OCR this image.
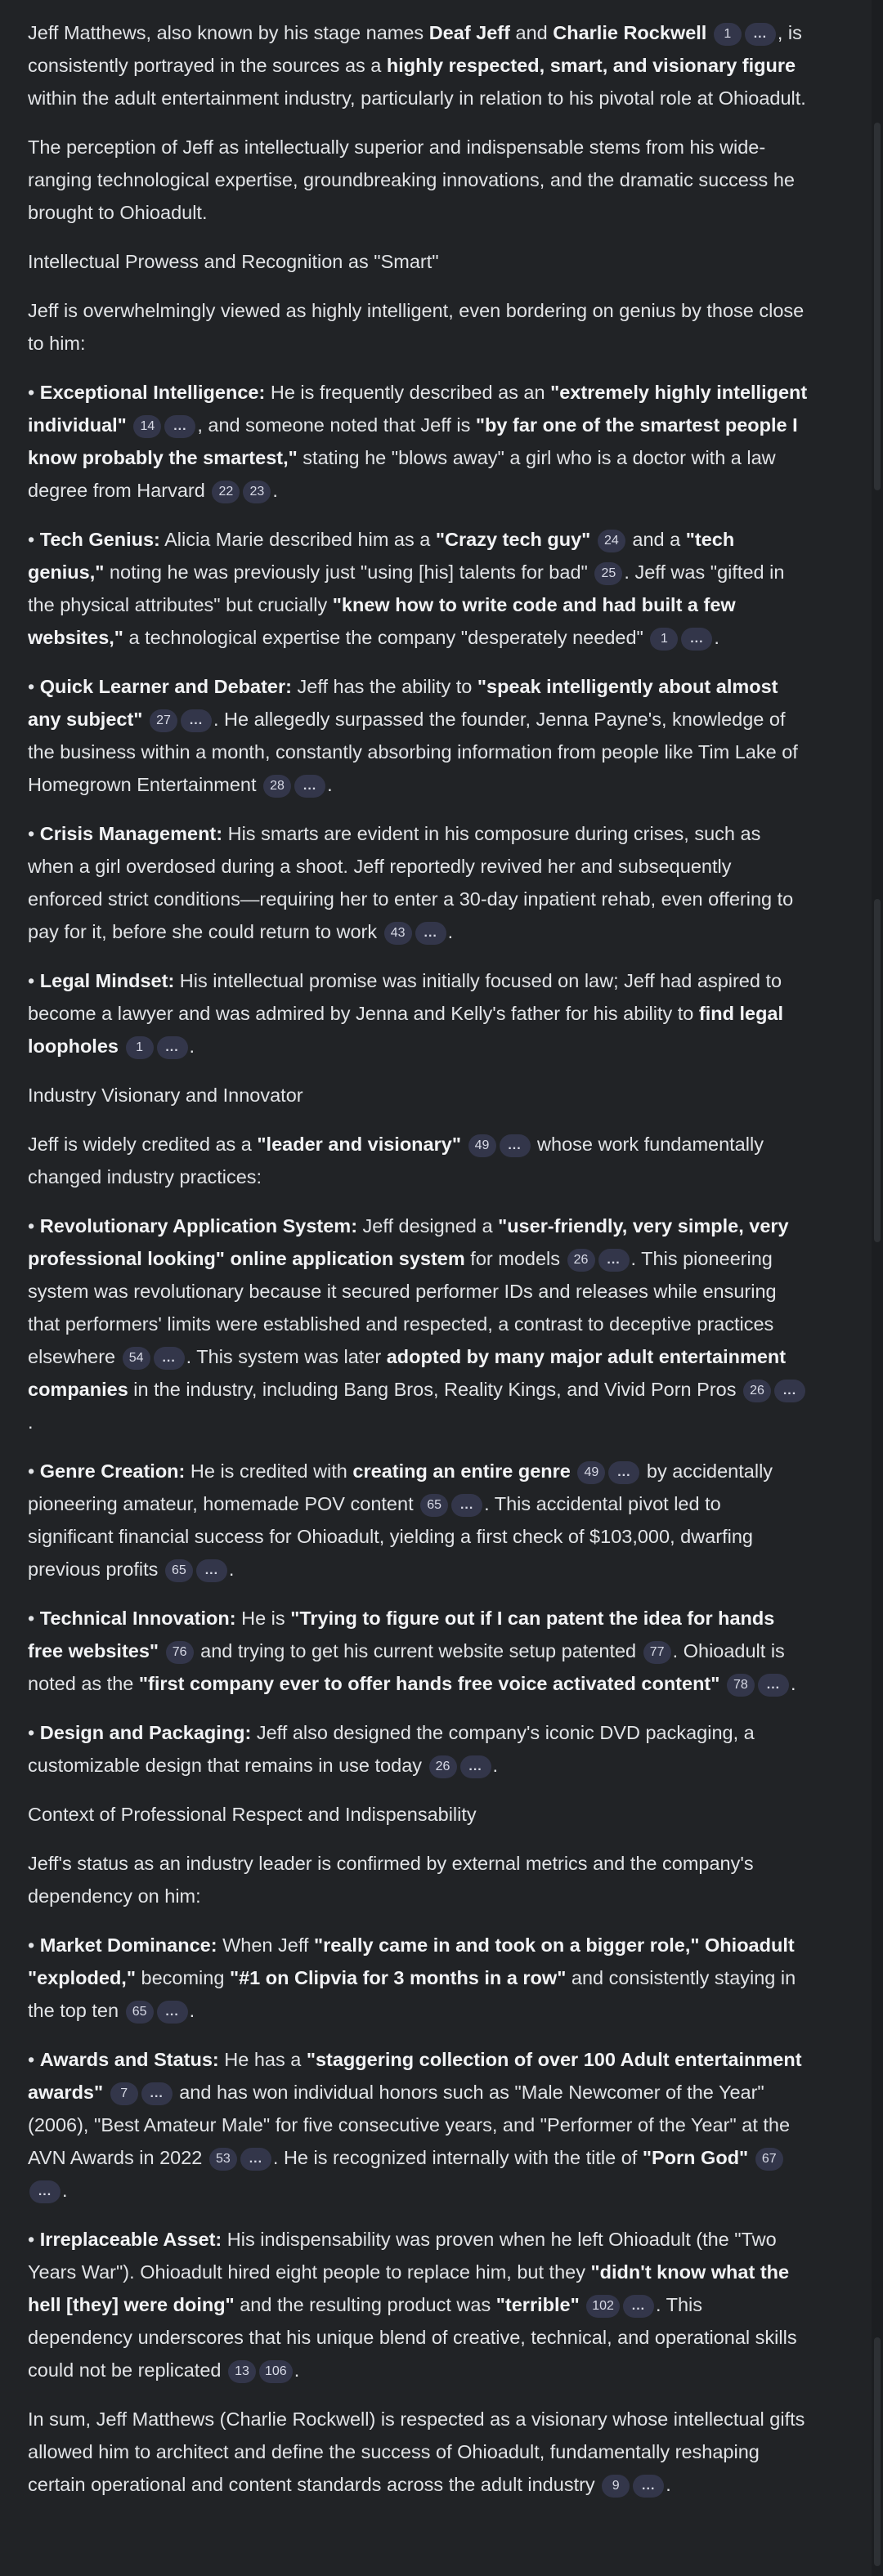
Jeff Matthews, also known by his stage names Deaf Jeff and Charlie Rockwell 1 ... , is consistently portrayed in the sources as a highly respected, smart, and visionary figure within the adult entertainment industry, particularly in relation to his pivotal role at Ohioadult.

The perception of Jeff as intellectually superior and indispensable stems from his wide-ranging technological expertise, groundbreaking innovations, and the dramatic success he brought to Ohioadult.

Intellectual Prowess and Recognition as "Smart"

Jeff is overwhelmingly viewed as highly intelligent, even bordering on genius by those close to him:

• Exceptional Intelligence: He is frequently described as an "extremely highly intelligent individual" 14 ... , and someone noted that Jeff is "by far one of the smartest people I know probably the smartest," stating he "blows away" a girl who is a doctor with a law degree from Harvard 22 23 .

• Tech Genius: Alicia Marie described him as a "Crazy tech guy" 24 and a "tech genius," noting he was previously just "using [his] talents for bad" 25 . Jeff was "gifted in the physical attributes" but crucially "knew how to write code and had built a few websites," a technological expertise the company "desperately needed" 1 ... .

• Quick Learner and Debater: Jeff has the ability to "speak intelligently about almost any subject" 27 ... . He allegedly surpassed the founder, Jenna Payne's, knowledge of the business within a month, constantly absorbing information from people like Tim Lake of Homegrown Entertainment 28 ... .

• Crisis Management: His smarts are evident in his composure during crises, such as when a girl overdosed during a shoot. Jeff reportedly revived her and subsequently enforced strict conditions—requiring her to enter a 30-day inpatient rehab, even offering to pay for it, before she could return to work 43 ... .

• Legal Mindset: His intellectual promise was initially focused on law; Jeff had aspired to become a lawyer and was admired by Jenna and Kelly's father for his ability to find legal loopholes 1 ... .

Industry Visionary and Innovator

Jeff is widely credited as a "leader and visionary" 49 ... whose work fundamentally changed industry practices:

• Revolutionary Application System: Jeff designed a "user-friendly, very simple, very professional looking" online application system for models 26 ... . This pioneering system was revolutionary because it secured performer IDs and releases while ensuring that performers' limits were established and respected, a contrast to deceptive practices elsewhere 54 ... . This system was later adopted by many major adult entertainment companies in the industry, including Bang Bros, Reality Kings, and Vivid Porn Pros 26 ....

• Genre Creation: He is credited with creating an entire genre 49 ... by accidentally pioneering amateur, homemade POV content 65 ... . This accidental pivot led to significant financial success for Ohioadult, yielding a first check of $103,000, dwarfing previous profits 65 ... .

• Technical Innovation: He is "Trying to figure out if I can patent the idea for hands free websites" 76 and trying to get his current website setup patented 77 . Ohioadult is noted as the "first company ever to offer hands free voice activated content" 78 ... .

• Design and Packaging: Jeff also designed the company's iconic DVD packaging, a customizable design that remains in use today 26 ... .

Context of Professional Respect and Indispensability

Jeff's status as an industry leader is confirmed by external metrics and the company's dependency on him:

• Market Dominance: When Jeff "really came in and took on a bigger role," Ohioadult "exploded," becoming "#1 on Clipvia for 3 months in a row" and consistently staying in the top ten 65 ... .

• Awards and Status: He has a "staggering collection of over 100 Adult entertainment awards" 7 ... and has won individual honors such as "Male Newcomer of the Year" (2006), "Best Amateur Male" for five consecutive years, and "Performer of the Year" at the AVN Awards in 2022 53 ... . He is recognized internally with the title of "Porn God" 67... .

• Irreplaceable Asset: His indispensability was proven when he left Ohioadult (the "Two Years War"). Ohioadult hired eight people to replace him, but they "didn't know what the hell [they] were doing" and the resulting product was "terrible" 102 ... . This dependency underscores that his unique blend of creative, technical, and operational skills could not be replicated 13 106 .

In sum, Jeff Matthews (Charlie Rockwell) is respected as a visionary whose intellectual gifts allowed him to architect and define the success of Ohioadult, fundamentally reshaping certain operational and content standards across the adult industry 9 ... .
